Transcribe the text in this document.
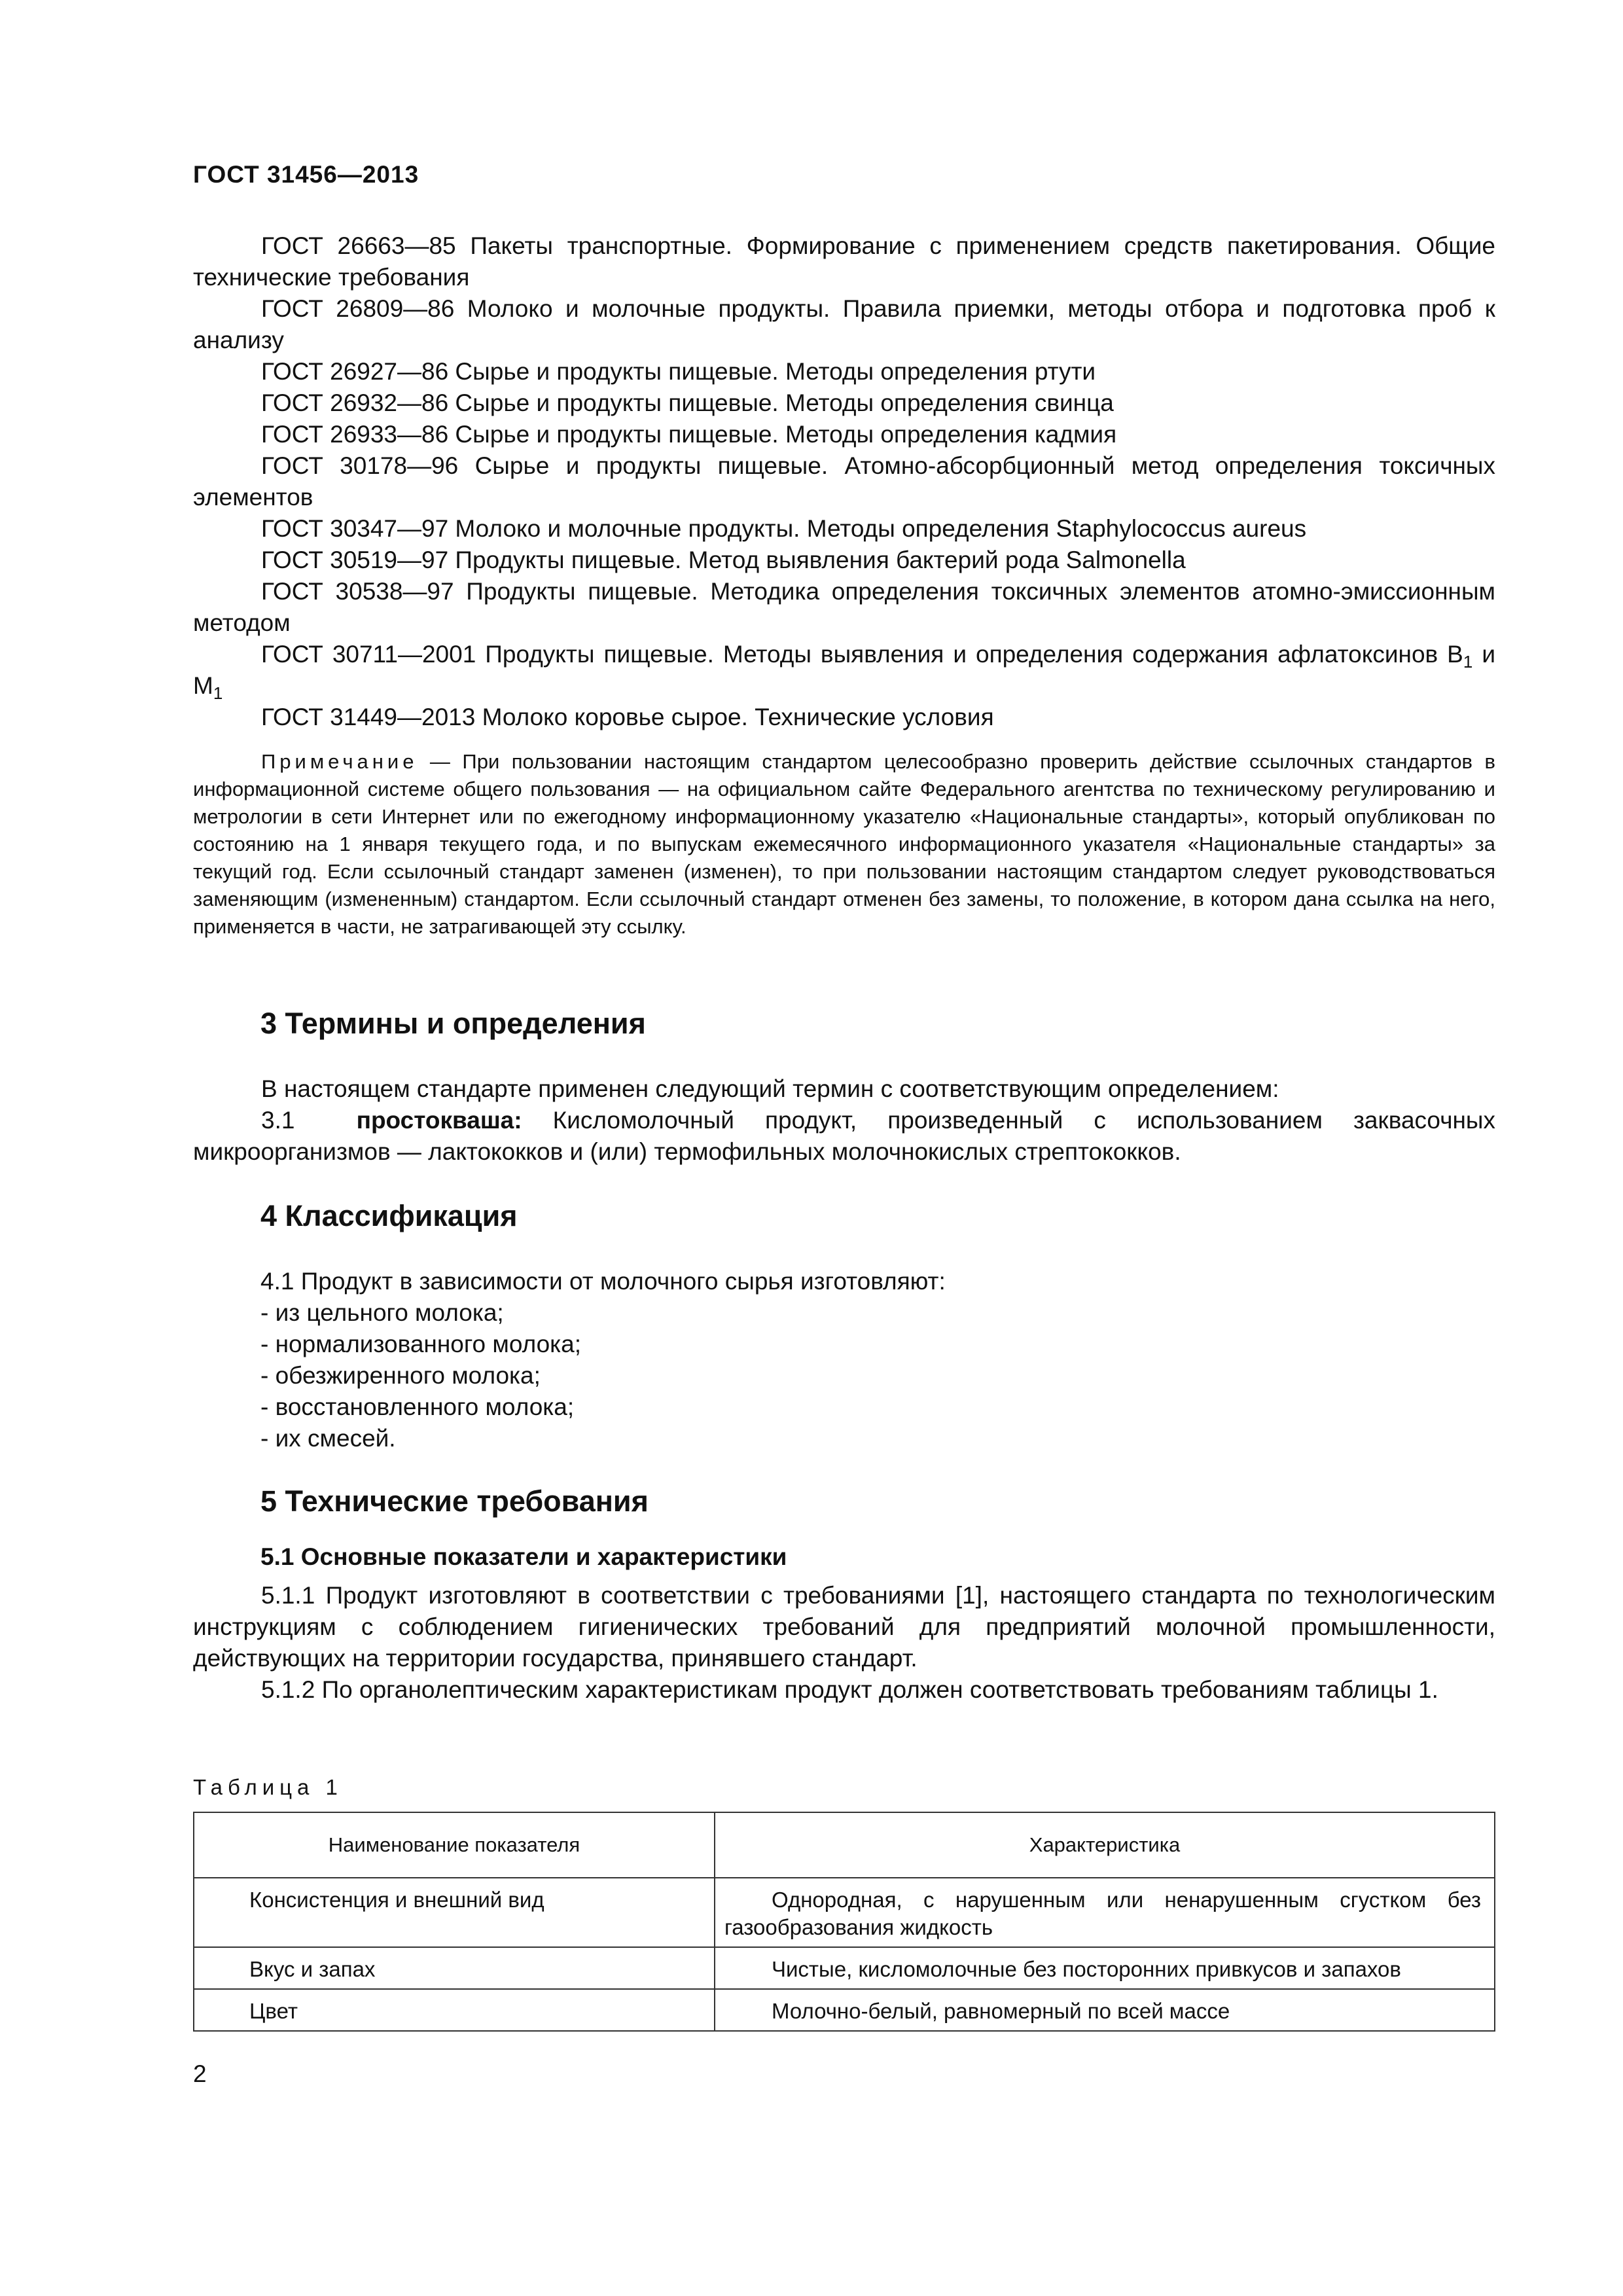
ГОСТ 31456—2013

ГОСТ 26663—85 Пакеты транспортные. Формирование с применением средств пакетирования. Общие технические требования

ГОСТ 26809—86 Молоко и молочные продукты. Правила приемки, методы отбора и подготовка проб к анализу

ГОСТ 26927—86 Сырье и продукты пищевые. Методы определения ртути

ГОСТ 26932—86 Сырье и продукты пищевые. Методы определения свинца

ГОСТ 26933—86 Сырье и продукты пищевые. Методы определения кадмия

ГОСТ 30178—96 Сырье и продукты пищевые. Атомно-абсорбционный метод определения токсичных элементов

ГОСТ 30347—97 Молоко и молочные продукты. Методы определения Staphylococcus aureus

ГОСТ 30519—97 Продукты пищевые. Метод выявления бактерий рода Salmonella

ГОСТ 30538—97 Продукты пищевые. Методика определения токсичных элементов атомно-эмиссионным методом

ГОСТ 30711—2001 Продукты пищевые. Методы выявления и определения содержания афлатоксинов $B_1$ и $M_1$

ГОСТ 31449—2013 Молоко коровье сырое. Технические условия

Примечание — При пользовании настоящим стандартом целесообразно проверить действие ссылочных стандартов в информационной системе общего пользования — на официальном сайте Федерального агентства по техническому регулированию и метрологии в сети Интернет или по ежегодному информационному указателю «Национальные стандарты», который опубликован по состоянию на 1 января текущего года, и по выпускам ежемесячного информационного указателя «Национальные стандарты» за текущий год. Если ссылочный стандарт заменен (изменен), то при пользовании настоящим стандартом следует руководствоваться заменяющим (измененным) стандартом. Если ссылочный стандарт отменен без замены, то положение, в котором дана ссылка на него, применяется в части, не затрагивающей эту ссылку.

3 Термины и определения

В настоящем стандарте применен следующий термин с соответствующим определением:

3.1	простокваша: Кисломолочный продукт, произведенный с использованием заквасочных микроорганизмов — лактококков и (или) термофильных молочнокислых стрептококков.

4 Классификация
4.1 Продукт в зависимости от молочного сырья изготовляют:
- из цельного молока;
- нормализованного молока;
- обезжиренного молока;
- восстановленного молока;
- их смесей.
5 Технические требования
5.1 Основные показатели и характеристики

5.1.1 Продукт изготовляют в соответствии с требованиями [1], настоящего стандарта по технологическим инструкциям с соблюдением гигиенических требований для предприятий молочной промышленности, действующих на территории государства, принявшего стандарт.

5.1.2 По органолептическим характеристикам продукт должен соответствовать требованиям таблицы 1.

Таблица 1
Наименование показателя	Характеристика
Консистенция и внешний вид	Однородная, с нарушенным или ненарушенным сгустком без газообразования жидкость
Вкус и запах	Чистые, кисломолочные без посторонних привкусов и запахов
Цвет	Молочно-белый, равномерный по всей массе
2
